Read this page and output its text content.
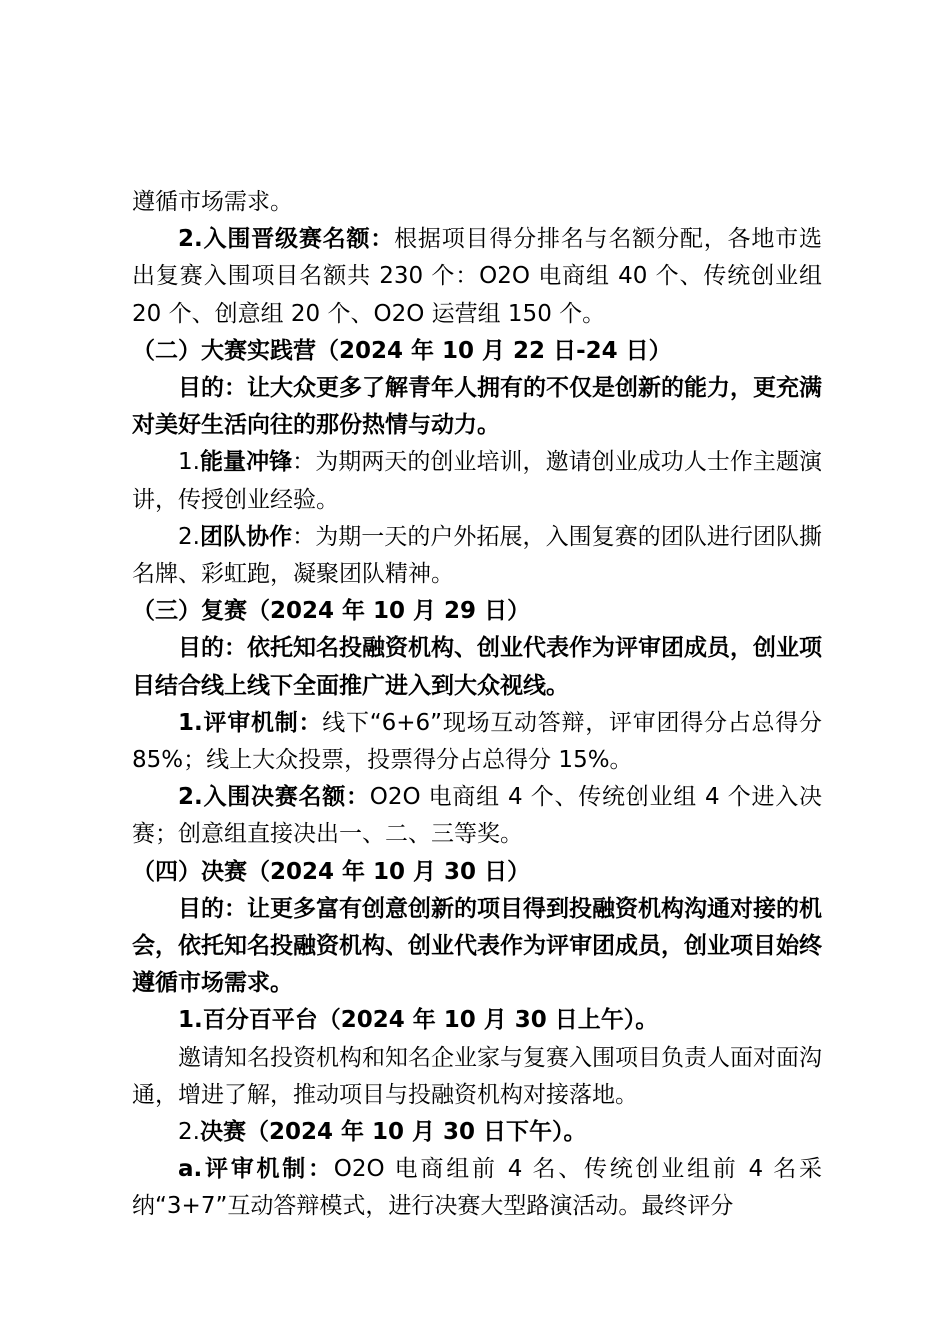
遵循市场需求。

2.入围晋级赛名额：根据项目得分排名与名额分配，各地市选出复赛入围项目名额共 230 个：O2O 电商组 40 个、传统创业组 20 个、创意组 20 个、O2O 运营组 150 个。

（二）大赛实践营（2024 年 10 月 22 日-24 日）

目的：让大众更多了解青年人拥有的不仅是创新的能力，更充满对美好生活向往的那份热情与动力。

1.能量冲锋：为期两天的创业培训，邀请创业成功人士作主题演讲，传授创业经验。

2.团队协作：为期一天的户外拓展，入围复赛的团队进行团队撕名牌、彩虹跑，凝聚团队精神。

（三）复赛（2024 年 10 月 29 日）

目的：依托知名投融资机构、创业代表作为评审团成员，创业项目结合线上线下全面推广进入到大众视线。

1.评审机制：线下“6+6”现场互动答辩，评审团得分占总得分 85%；线上大众投票，投票得分占总得分 15%。

2.入围决赛名额：O2O 电商组 4 个、传统创业组 4 个进入决赛；创意组直接决出一、二、三等奖。

（四）决赛（2024 年 10 月 30 日）

目的：让更多富有创意创新的项目得到投融资机构沟通对接的机会，依托知名投融资机构、创业代表作为评审团成员，创业项目始终遵循市场需求。

1.百分百平台（2024 年 10 月 30 日上午）。

邀请知名投资机构和知名企业家与复赛入围项目负责人面对面沟通，增进了解，推动项目与投融资机构对接落地。

2.决赛（2024 年 10 月 30 日下午）。

a.评审机制：O2O 电商组前 4 名、传统创业组前 4 名采纳“3+7”互动答辩模式，进行决赛大型路演活动。最终评分
